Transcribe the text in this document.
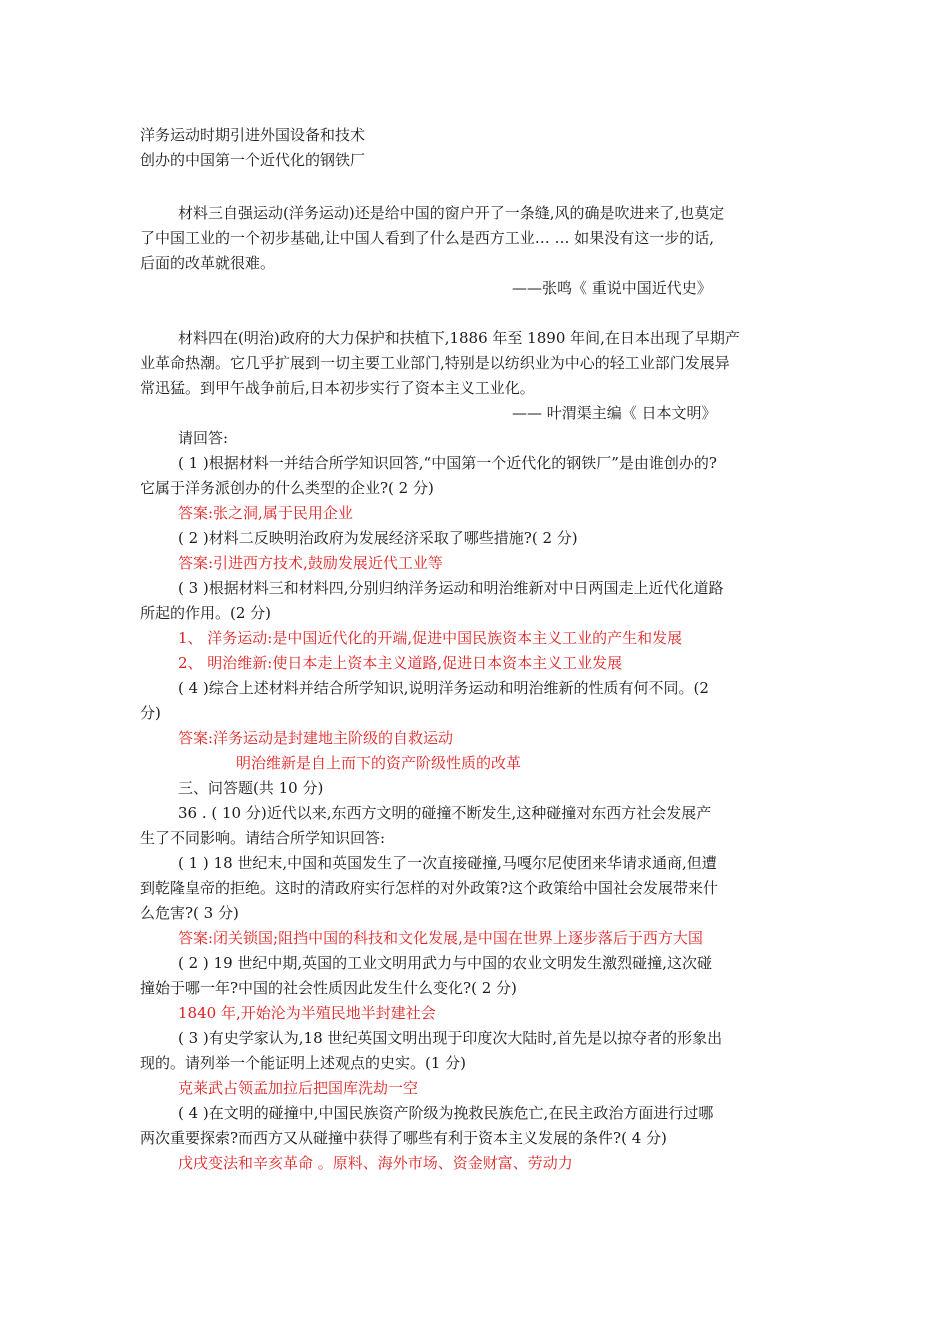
洋务运动时期引进外国设备和技术
创办的中国第一个近代化的钢铁厂
材料三自强运动(洋务运动)还是给中国的窗户开了一条缝,风的确是吹进来了,也莫定
了中国工业的一个初步基础,让中国人看到了什么是西方工业… … 如果没有这一步的话,
后面的改革就很难。
——张鸣《 重说中国近代史》
材料四在(明治)政府的大力保护和扶植下,1886 年至 1890 年间,在日本出现了早期产
业革命热潮。它几乎扩展到一切主要工业部门,特别是以纺织业为中心的轻工业部门发展异
常迅猛。到甲午战争前后,日本初步实行了资本主义工业化。
—— 叶渭渠主编《 日本文明》
请回答:
( 1 )根据材料一并结合所学知识回答,“中国第一个近代化的钢铁厂”是由谁创办的?
它属于洋务派创办的什么类型的企业?( 2 分)
答案:张之洞,属于民用企业
( 2 )材料二反映明治政府为发展经济采取了哪些措施?( 2 分)
答案:引进西方技术,鼓励发展近代工业等
( 3 )根据材料三和材料四,分别归纳洋务运动和明治维新对中日两国走上近代化道路
所起的作用。(2 分)
1、 洋务运动:是中国近代化的开端,促进中国民族资本主义工业的产生和发展
2、 明治维新:使日本走上资本主义道路,促进日本资本主义工业发展
( 4 )综合上述材料并结合所学知识,说明洋务运动和明治维新的性质有何不同。(2
分)
答案:洋务运动是封建地主阶级的自救运动
明治维新是自上而下的资产阶级性质的改革
三、问答题(共 10 分)
36 . ( 10 分)近代以来,东西方文明的碰撞不断发生,这种碰撞对东西方社会发展产
生了不同影响。请结合所学知识回答:
( 1 ) 18 世纪末,中国和英国发生了一次直接碰撞,马嘎尔尼使团来华请求通商,但遭
到乾隆皇帝的拒绝。这时的清政府实行怎样的对外政策?这个政策给中国社会发展带来什
么危害?( 3 分)
答案:闭关锁国;阻挡中国的科技和文化发展,是中国在世界上逐步落后于西方大国
( 2 ) 19 世纪中期,英国的工业文明用武力与中国的农业文明发生激烈碰撞,这次碰
撞始于哪一年?中国的社会性质因此发生什么变化?( 2 分)
1840 年,开始沦为半殖民地半封建社会
( 3 )有史学家认为,18 世纪英国文明出现于印度次大陆时,首先是以掠夺者的形象出
现的。请列举一个能证明上述观点的史实。(1 分)
克莱武占领孟加拉后把国库洗劫一空
( 4 )在文明的碰撞中,中国民族资产阶级为挽救民族危亡,在民主政治方面进行过哪
两次重要探索?而西方又从碰撞中获得了哪些有利于资本主义发展的条件?( 4 分)
戊戌变法和辛亥革命 。原料、海外市场、资金财富、劳动力
